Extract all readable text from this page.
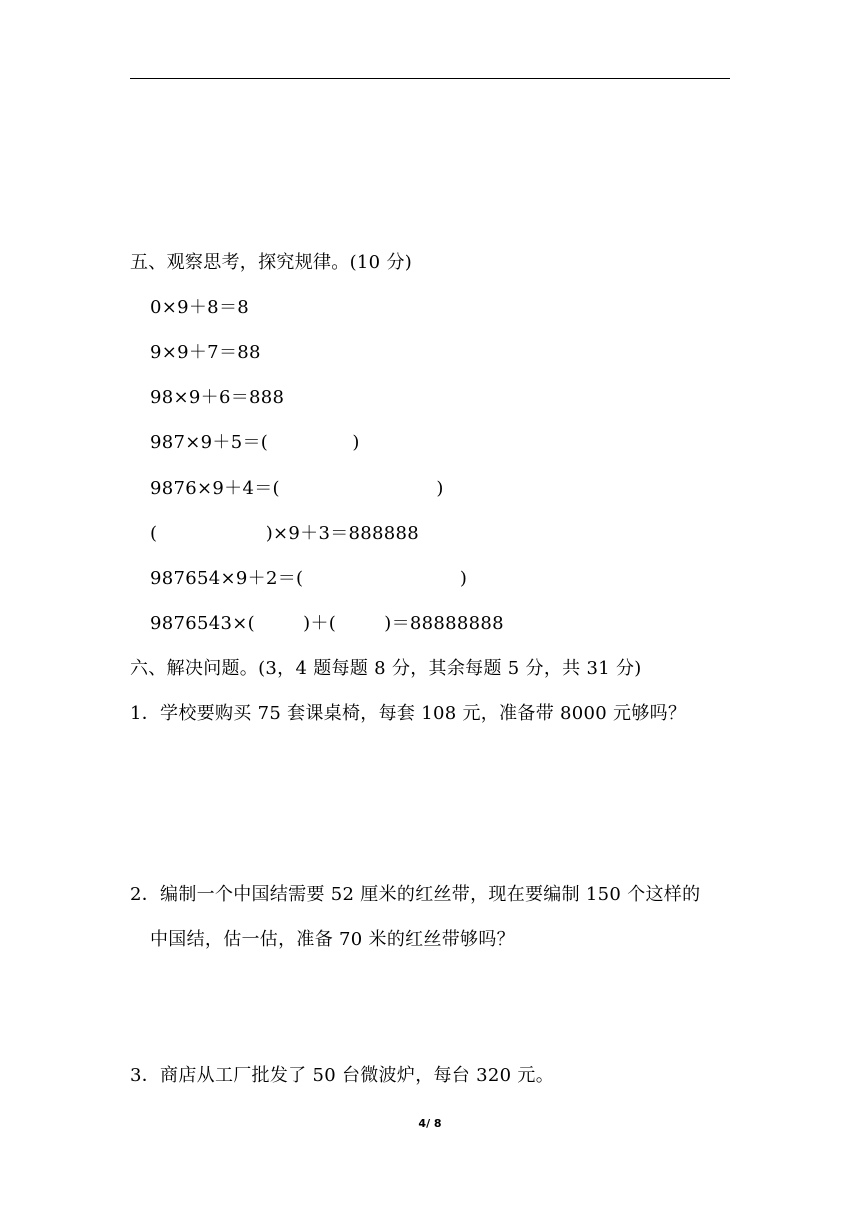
五、观察思考，探究规律。(10 分)
0×9＋8＝8
9×9＋7＝88
98×9＋6＝888
987×9＋5＝(              )
9876×9＋4＝(                          )
(                  )×9＋3＝888888
987654×9＋2＝(                          )
9876543×(        )＋(        )＝88888888
六、解决问题。(3，4 题每题 8 分，其余每题 5 分，共 31 分)
1．学校要购买 75 套课桌椅，每套 108 元，准备带 8000 元够吗？
2．编制一个中国结需要 52 厘米的红丝带，现在要编制 150 个这样的
中国结，估一估，准备 70 米的红丝带够吗？
3．商店从工厂批发了 50 台微波炉，每台 320 元。
4/ 8
